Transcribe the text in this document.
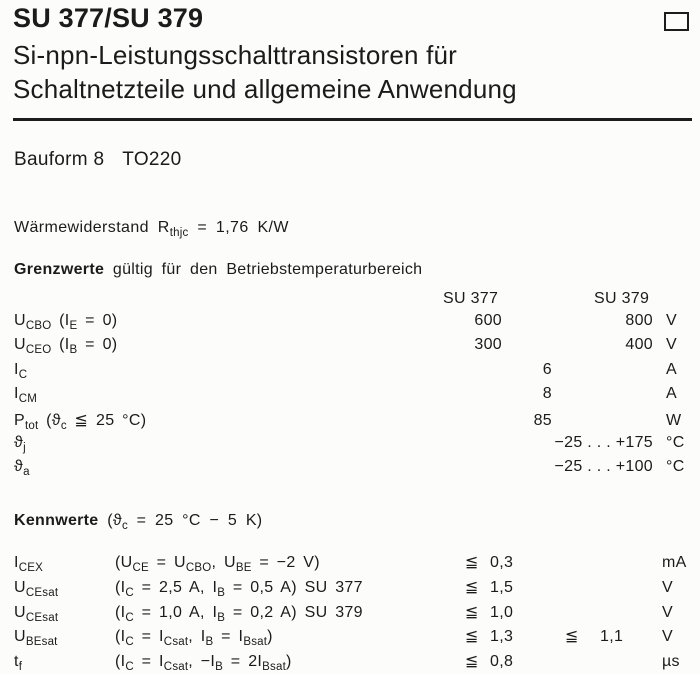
SU 377/SU 379
Si-npn-Leistungsschalttransistoren für
Schaltnetzteile und allgemeine Anwendung
Bauform 8 TO220
Wärmewiderstand $R_{thjc} = 1,76$ K/W
Grenzwerte gültig für den Betriebstemperaturbereich
SU 377	SU 379
$U_{CBO}$ $(I_E = 0)$	600	800 V
$U_{CEO}$ $(I_B = 0)$	300	400 V
$I_C$	6	A
$I_{CM}$	8	A
$P_{tot}$ ($ϑ_c$ ≦ 25 °C)	85	W
$ϑ_j$	−25 . . . +175 °C
$ϑ_a$	−25 . . . +100 °C
Kennwerte ($ϑ_c = 25$ °C − 5 K)
$I_{CEX}$	($U_{CE} = U_{CBO}$, $U_{BE} = -2$ V)	≦ 0,3	mA
$U_{CEsat}$	($I_C = 2,5$ A, $I_B = 0,5$ A) SU 377	≦ 1,5	V
$U_{CEsat}$	($I_C = 1,0$ A, $I_B = 0,2$ A) SU 379	≦ 1,0	V
$U_{BEsat}$	($I_C = I_{Csat}$, $I_B = I_{Bsat}$)	≦ 1,3	≦	1,1	V
$t_f$	($I_C = I_{Csat}$, $-I_B = 2I_{Bsat}$)	≦ 0,8	µs
